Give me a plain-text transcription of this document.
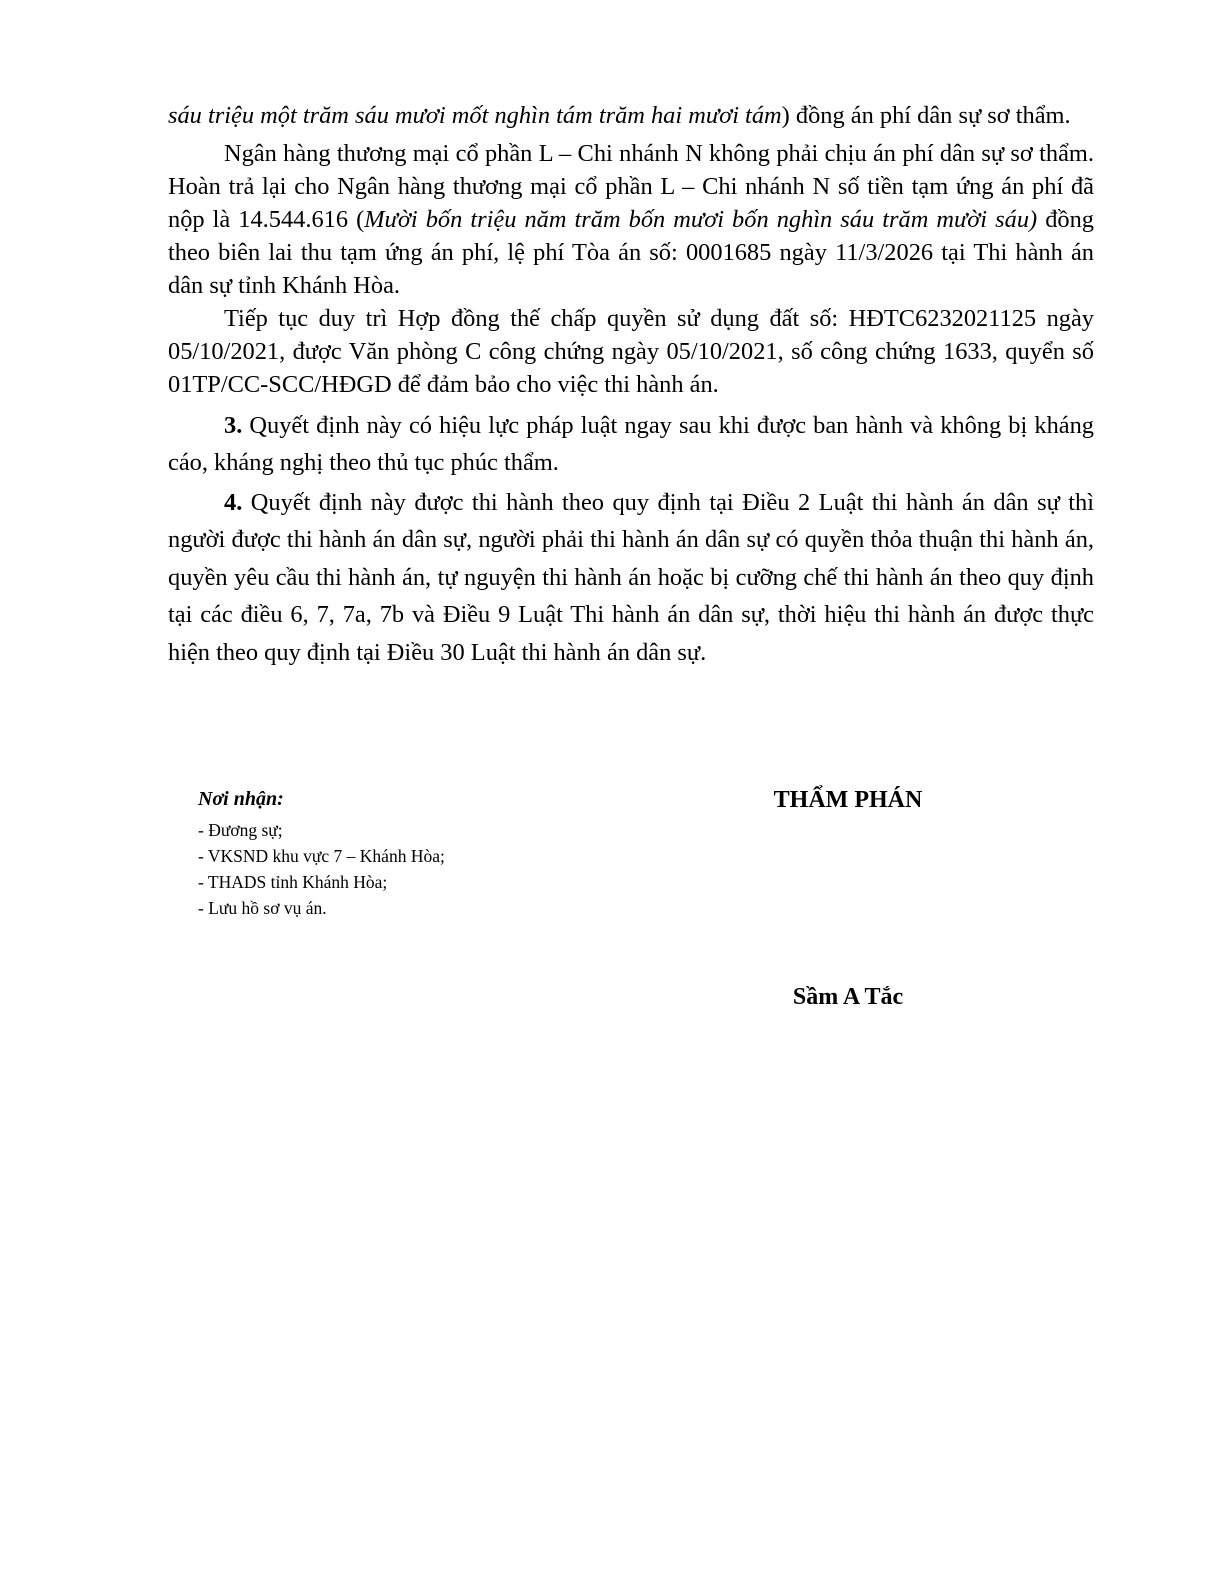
sáu triệu một trăm sáu mươi mốt nghìn tám trăm hai mươi tám) đồng án phí dân sự sơ thẩm.

Ngân hàng thương mại cổ phần L – Chi nhánh N không phải chịu án phí dân sự sơ thẩm. Hoàn trả lại cho Ngân hàng thương mại cổ phần L – Chi nhánh N số tiền tạm ứng án phí đã nộp là 14.544.616 (Mười bốn triệu năm trăm bốn mươi bốn nghìn sáu trăm mười sáu) đồng theo biên lai thu tạm ứng án phí, lệ phí Tòa án số: 0001685 ngày 11/3/2026 tại Thi hành án dân sự tỉnh Khánh Hòa.

Tiếp tục duy trì Hợp đồng thế chấp quyền sử dụng đất số: HĐTC6232021125 ngày 05/10/2021, được Văn phòng C công chứng ngày 05/10/2021, số công chứng 1633, quyển số 01TP/CC-SCC/HĐGD để đảm bảo cho việc thi hành án.

3. Quyết định này có hiệu lực pháp luật ngay sau khi được ban hành và không bị kháng cáo, kháng nghị theo thủ tục phúc thẩm.

4. Quyết định này được thi hành theo quy định tại Điều 2 Luật thi hành án dân sự thì người được thi hành án dân sự, người phải thi hành án dân sự có quyền thỏa thuận thi hành án, quyền yêu cầu thi hành án, tự nguyện thi hành án hoặc bị cưỡng chế thi hành án theo quy định tại các điều 6, 7, 7a, 7b và Điều 9 Luật Thi hành án dân sự, thời hiệu thi hành án được thực hiện theo quy định tại Điều 30 Luật thi hành án dân sự.

Nơi nhận:

- Đương sự;
- VKSND khu vực 7 – Khánh Hòa;
- THADS tỉnh Khánh Hòa;
- Lưu hồ sơ vụ án.

THẨM PHÁN

Sầm A Tắc
